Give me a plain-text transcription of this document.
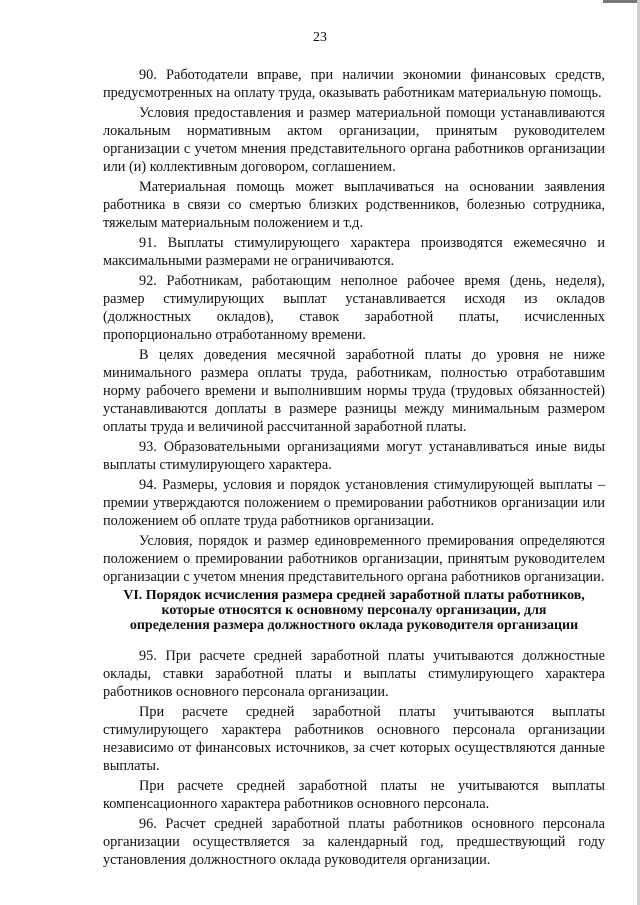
23

90. Работодатели вправе, при наличии экономии финансовых средств, предусмотренных на оплату труда, оказывать работникам материальную помощь.

Условия предоставления и размер материальной помощи устанавливаются локальным нормативным актом организации, принятым руководителем организации с учетом мнения представительного органа работников организации или (и) коллективным договором, соглашением.

Материальная помощь может выплачиваться на основании заявления работника в связи со смертью близких родственников, болезнью сотрудника, тяжелым материальным положением и т.д.

91. Выплаты стимулирующего характера производятся ежемесячно и максимальными размерами не ограничиваются.

92. Работникам, работающим неполное рабочее время (день, неделя), размер стимулирующих выплат устанавливается исходя из окладов (должностных окладов), ставок заработной платы, исчисленных пропорционально отработанному времени.

В целях доведения месячной заработной платы до уровня не ниже минимального размера оплаты труда, работникам, полностью отработавшим норму рабочего времени и выполнившим нормы труда (трудовых обязанностей) устанавливаются доплаты в размере разницы между минимальным размером оплаты труда и величиной рассчитанной заработной платы.

93. Образовательными организациями могут устанавливаться иные виды выплаты стимулирующего характера.

94. Размеры, условия и порядок установления стимулирующей выплаты – премии утверждаются положением о премировании работников организации или положением об оплате труда работников организации.

Условия, порядок и размер единовременного премирования определяются положением о премировании работников организации, принятым руководителем организации с учетом мнения представительного органа работников организации.

VI. Порядок исчисления размера средней заработной платы работников,
которые относятся к основному персоналу организации, для
определения размера должностного оклада руководителя организации

95. При расчете средней заработной платы учитываются должностные оклады, ставки заработной платы и выплаты стимулирующего характера работников основного персонала организации.

При расчете средней заработной платы учитываются выплаты стимулирующего характера работников основного персонала организации независимо от финансовых источников, за счет которых осуществляются данные выплаты.

При расчете средней заработной платы не учитываются выплаты компенсационного характера работников основного персонала.

96. Расчет средней заработной платы работников основного персонала организации осуществляется за календарный год, предшествующий году установления должностного оклада руководителя организации.
